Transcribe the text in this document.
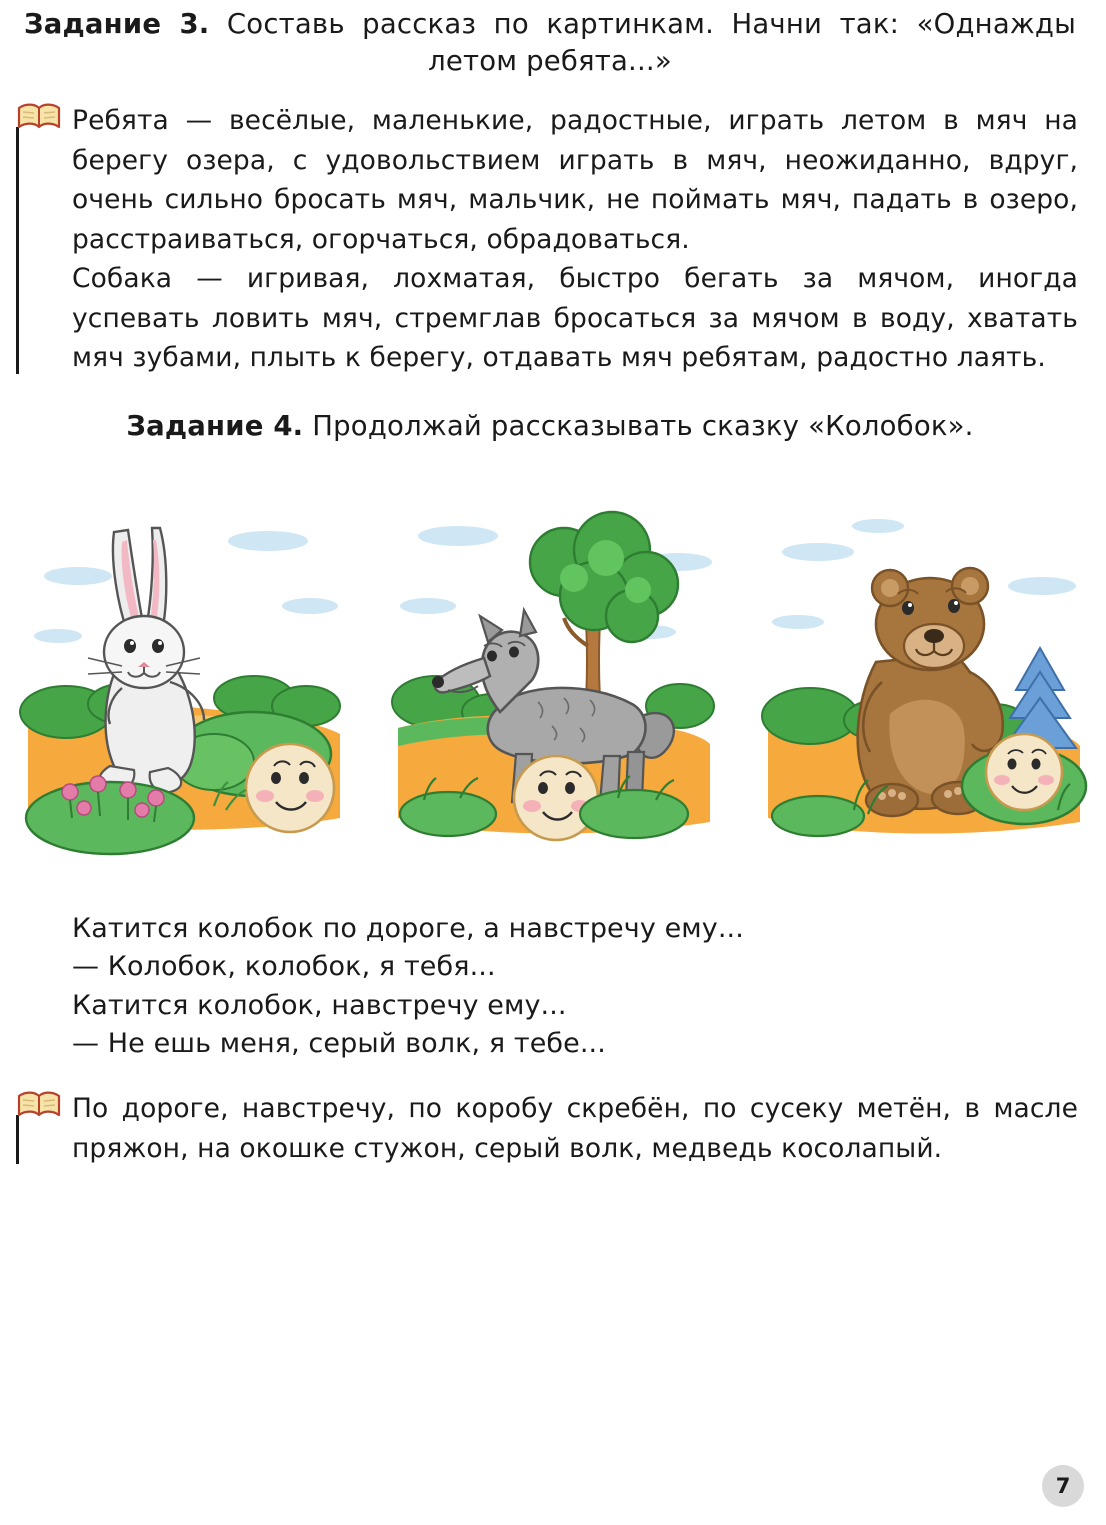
Задание 3. Составь рассказ по картинкам. Начни так: «Однажды летом ребята...»

Ребята — весёлые, маленькие, радостные, играть летом в мяч на берегу озера, с удовольствием играть в мяч, неожиданно, вдруг, очень сильно бросать мяч, мальчик, не поймать мяч, падать в озеро, расстраиваться, огорчаться, обрадоваться.

Собака — игривая, лохматая, быстро бегать за мячом, иногда успевать ловить мяч, стремглав бросаться за мячом в воду, хватать мяч зубами, плыть к берегу, отдавать мяч ребятам, радостно лаять.

Задание 4. Продолжай рассказывать сказку «Колобок».

Катится колобок по дороге, а навстречу ему...

— Колобок, колобок, я тебя...

Катится колобок, навстречу ему...

— Не ешь меня, серый волк, я тебе...

По дороге, навстречу, по коробу скребён, по сусеку метён, в масле пряжон, на окошке стужон, серый волк, медведь косолапый.

7
